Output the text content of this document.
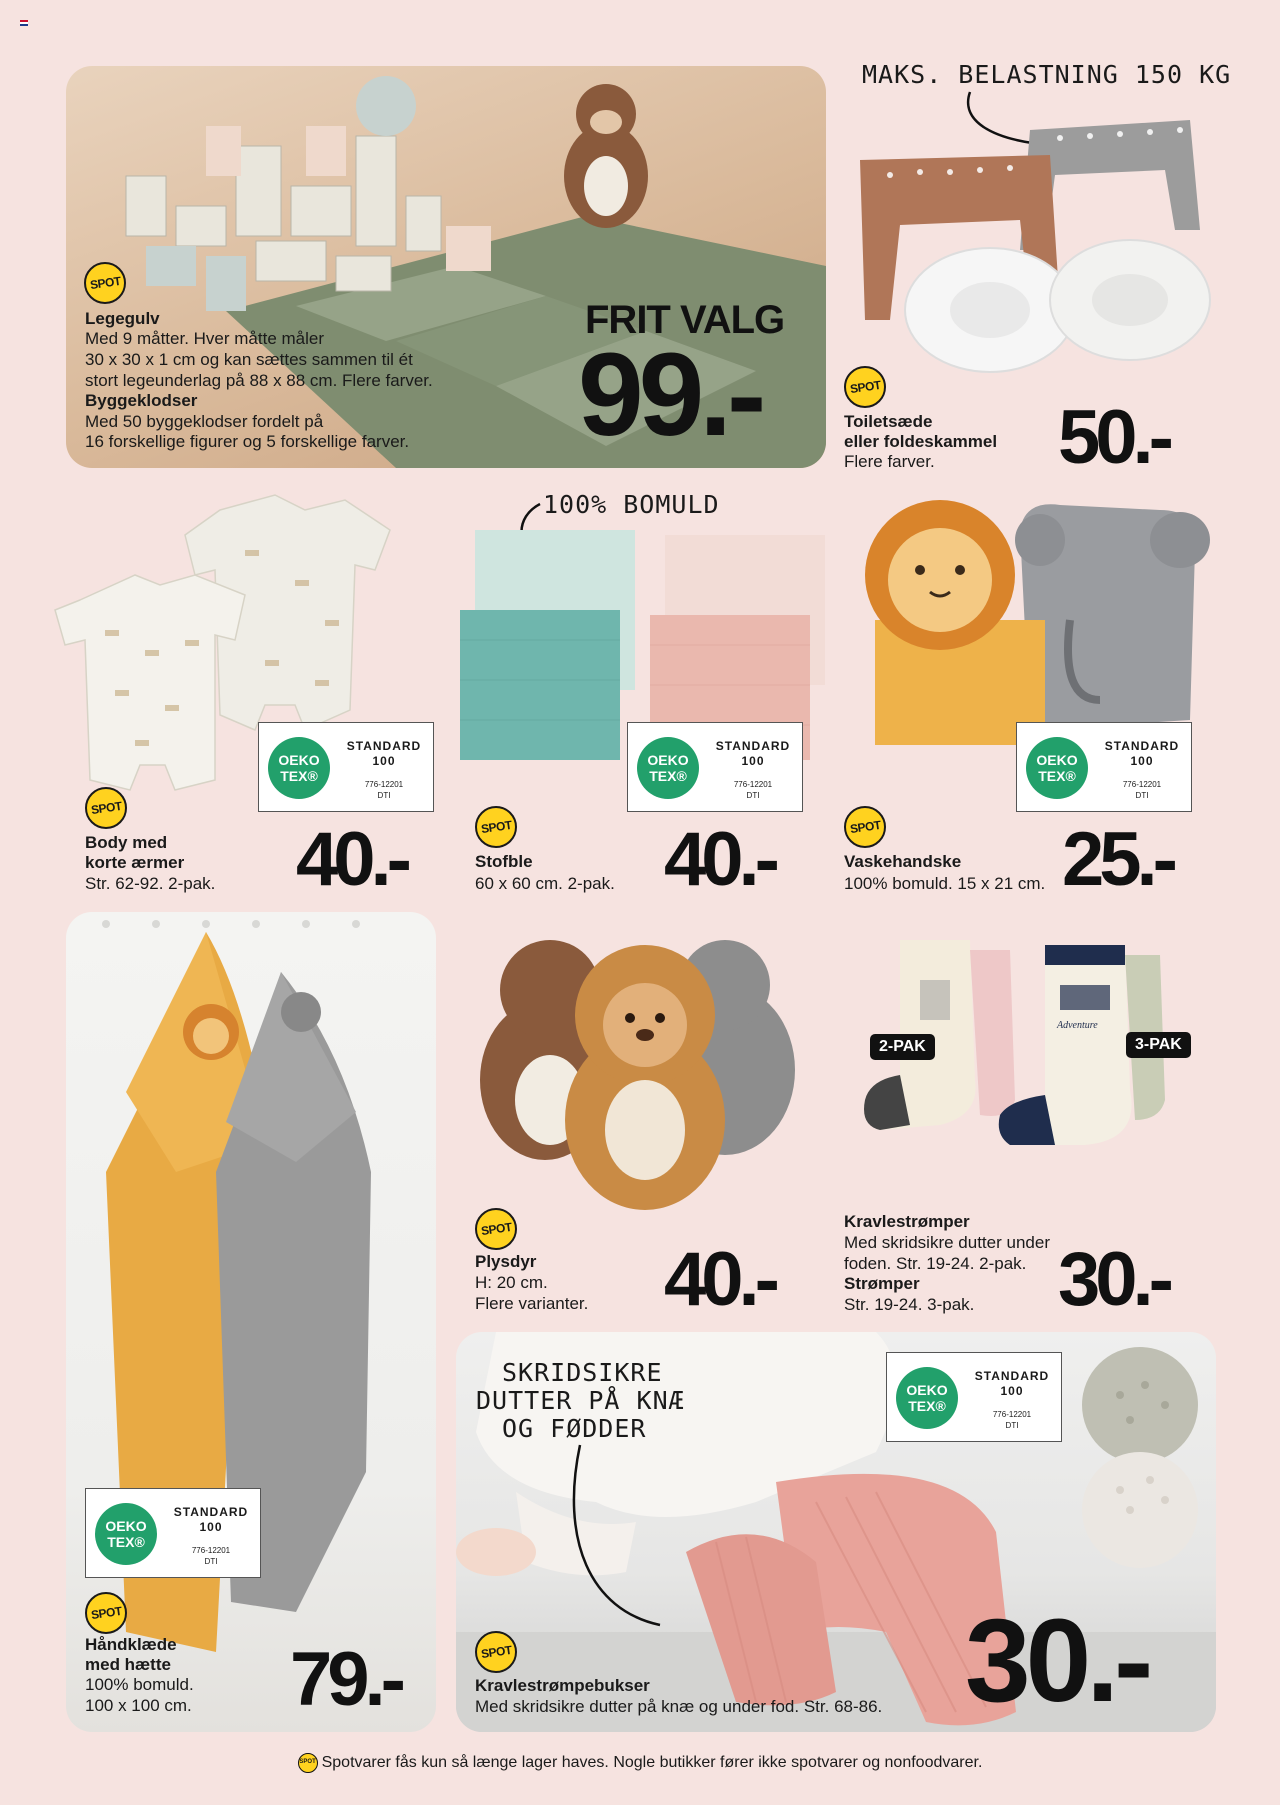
SPOT

Legegulv

Med 9 måtter. Hver måtte måler

30 x 30 x 1 cm og kan sættes sammen til ét

stort legeunderlag på 88 x 88 cm. Flere farver.

Byggeklodser

Med 50 byggeklodser fordelt på

16 forskellige figurer og 5 forskellige farver.

FRIT VALG
99.-
MAKS. BELASTNING 150 KG
SPOT

Toiletsæde

eller foldeskammel

Flere farver. 50.-
OEKO TEX®
STANDARD
100
776-12201
DTI
SPOT

Body med

korte ærmer

Str. 62-92. 2-pak. 40.-
100% BOMULD
OEKO TEX®
STANDARD
100
776-12201
DTI
SPOT

Stofble

60 x 60 cm. 2-pak. 40.-
OEKO TEX®
STANDARD
100
776-12201
DTI
SPOT

Vaskehandske

100% bomuld. 15 x 21 cm. 25.-
OEKO TEX®
STANDARD
100
776-12201
DTI
SPOT

Håndklæde

med hætte

100% bomuld.

100 x 100 cm. 79.-
SPOT

Plysdyr

H: 20 cm.

Flere varianter. 40.-
Adventure
2-PAK	3-PAK

Kravlestrømper

Med skridsikre dutter under

foden. Str. 19-24. 2-pak.

Strømper

Str. 19-24. 3-pak. 30.-
OEKO TEX®
STANDARD
100
776-12201
DTI
SKRIDSIKRE
DUTTER PÅ KNÆ
OG FØDDER
SPOT

Kravlestrømpebukser

Med skridsikre dutter på knæ og under fod. Str. 68-86. 30.-
SPOT Spotvarer fås kun så længe lager haves. Nogle butikker fører ikke spotvarer og nonfoodvarer.
